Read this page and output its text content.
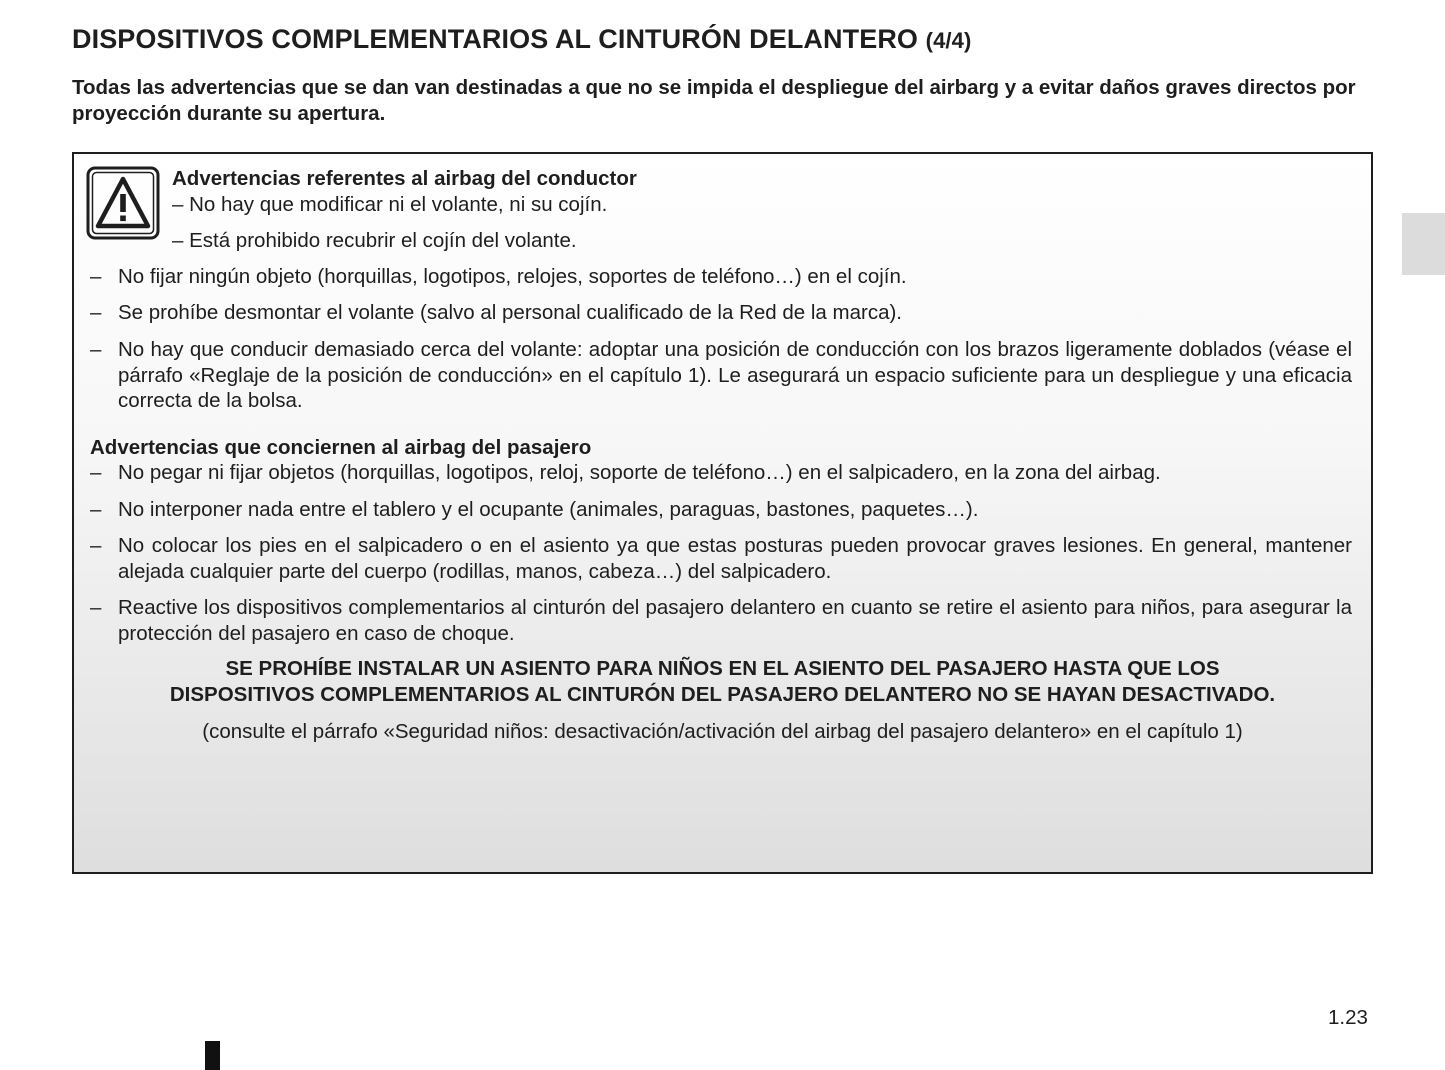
DISPOSITIVOS COMPLEMENTARIOS AL CINTURÓN DELANTERO (4/4)

Todas las advertencias que se dan van destinadas a que no se impida el despliegue del airbarg y a evitar daños graves directos por proyección durante su apertura.

Advertencias referentes al airbag del conductor

– No hay que modificar ni el volante, ni su cojín.

– Está prohibido recubrir el cojín del volante.

– No fijar ningún objeto (horquillas, logotipos, relojes, soportes de teléfono…) en el cojín.
– Se prohíbe desmontar el volante (salvo al personal cualificado de la Red de la marca).
– No hay que conducir demasiado cerca del volante: adoptar una posición de conducción con los brazos ligeramente doblados (véase el párrafo «Reglaje de la posición de conducción» en el capítulo 1). Le asegurará un espacio suficiente para un despliegue y una eficacia correcta de la bolsa.

Advertencias que conciernen al airbag del pasajero

– No pegar ni fijar objetos (horquillas, logotipos, reloj, soporte de teléfono…) en el salpicadero, en la zona del airbag.
– No interponer nada entre el tablero y el ocupante (animales, paraguas, bastones, paquetes…).
– No colocar los pies en el salpicadero o en el asiento ya que estas posturas pueden provocar graves lesiones. En general, mantener alejada cualquier parte del cuerpo (rodillas, manos, cabeza…) del salpicadero.
– Reactive los dispositivos complementarios al cinturón del pasajero delantero en cuanto se retire el asiento para niños, para asegurar la protección del pasajero en caso de choque.

SE PROHÍBE INSTALAR UN ASIENTO PARA NIÑOS EN EL ASIENTO DEL PASAJERO HASTA QUE LOS
DISPOSITIVOS COMPLEMENTARIOS AL CINTURÓN DEL PASAJERO DELANTERO NO SE HAYAN DESACTIVADO.

(consulte el párrafo «Seguridad niños: desactivación/activación del airbag del pasajero delantero» en el capítulo 1)

1.23
